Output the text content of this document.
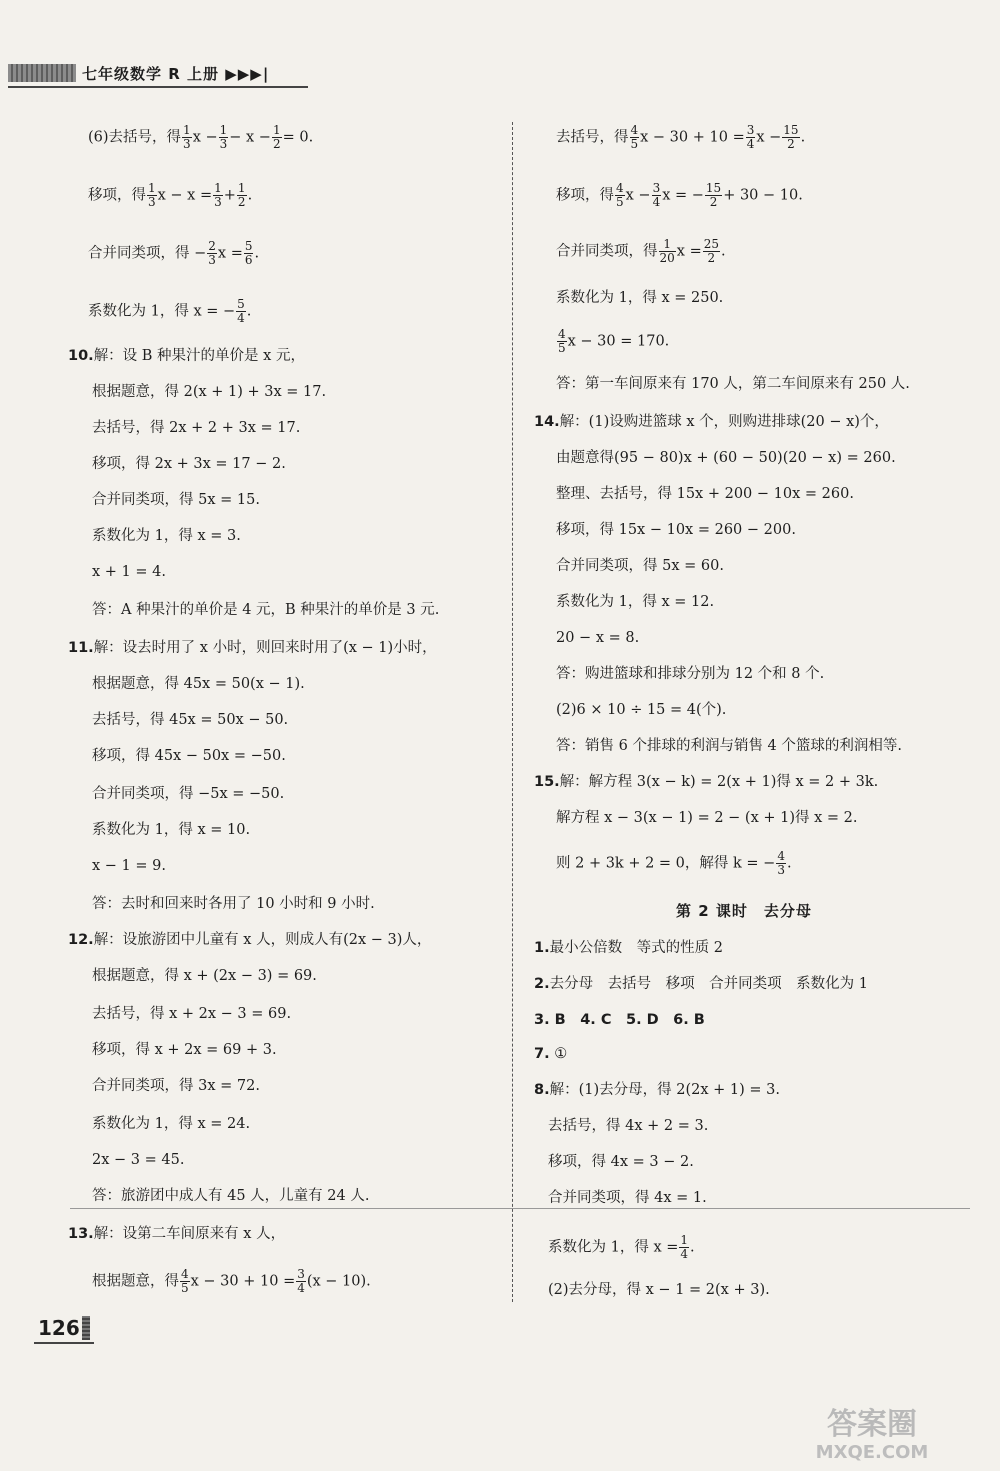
七年级数学 R 上册 ▶▶▶|
(6)去括号，得 $\frac{1}{3}$ $x - \frac{1}{3} - x - \frac{1}{2} = 0$.
移项，得 $\frac{1}{3}$ $x - x = \frac{1}{3} + \frac{1}{2}$ .
合并同类项，得 − $\frac{2}{3}$ $x = \frac{5}{6}$ .
系数化为 1，得 x = − $\frac{5}{4}$ .
10.解：设 B 种果汁的单价是 x 元，
根据题意，得 2(x + 1) + 3x = 17.
去括号，得 2x + 2 + 3x = 17.
移项，得 2x + 3x = 17 − 2.
合并同类项，得 5x = 15.
系数化为 1，得 x = 3.
x + 1 = 4.
答：A 种果汁的单价是 4 元，B 种果汁的单价是 3 元.
11.解：设去时用了 x 小时，则回来时用了(x − 1)小时，
根据题意，得 45x = 50(x − 1).
去括号，得 45x = 50x − 50.
移项，得 45x − 50x = −50.
合并同类项，得 −5x = −50.
系数化为 1，得 x = 10.
x − 1 = 9.
答：去时和回来时各用了 10 小时和 9 小时.
12.解：设旅游团中儿童有 x 人，则成人有(2x − 3)人，
根据题意，得 x + (2x − 3) = 69.
去括号，得 x + 2x − 3 = 69.
移项，得 x + 2x = 69 + 3.
合并同类项，得 3x = 72.
系数化为 1，得 x = 24.
2x − 3 = 45.
答：旅游团中成人有 45 人，儿童有 24 人.
13.解：设第二车间原来有 x 人，
根据题意，得 $\frac{4}{5}$ $x - 30 + 10 = \frac{3}{4} (x - 10)$.
去括号，得 $\frac{4}{5}$ $x - 30 + 10 = \frac{3}{4}$ $x - \frac{15}{2}$ .
移项，得 $\frac{4}{5}$ $x - \frac{3}{4}$ x = − $\frac{15}{2} + 30 - 10$.
合并同类项，得 $\frac{1}{20}$ $x = \frac{25}{2}$ .
系数化为 1，得 x = 250.
$\frac{4}{5}$ x − 30 = 170.
答：第一车间原来有 170 人，第二车间原来有 250 人.
14.解：(1)设购进篮球 x 个，则购进排球(20 − x)个，
由题意得(95 − 80)x + (60 − 50)(20 − x) = 260.
整理、去括号，得 15x + 200 − 10x = 260.
移项，得 15x − 10x = 260 − 200.
合并同类项，得 5x = 60.
系数化为 1，得 x = 12.
20 − x = 8.
答：购进篮球和排球分别为 12 个和 8 个.
(2)6 × 10 ÷ 15 = 4(个).
答：销售 6 个排球的利润与销售 4 个篮球的利润相等.
15.解：解方程 3(x − k) = 2(x + 1)得 x = 2 + 3k.
解方程 x − 3(x − 1) = 2 − (x + 1)得 x = 2.
则 2 + 3k + 2 = 0，解得 k = − $\frac{4}{3}$ .
1.最小公倍数　等式的性质 2
2.去分母　去括号　移项　合并同类项　系数化为 1
3. B　4. C　5. D　6. B
7. ①
8.解：(1)去分母，得 2(2x + 1) = 3.
去括号，得 4x + 2 = 3.
移项，得 4x = 3 − 2.
合并同类项，得 4x = 1.
系数化为 1，得 $x = \frac{1}{4}$ .
(2)去分母，得 x − 1 = 2(x + 3).
第 2 课时　去分母
126
答案圈
MXQE.COM
